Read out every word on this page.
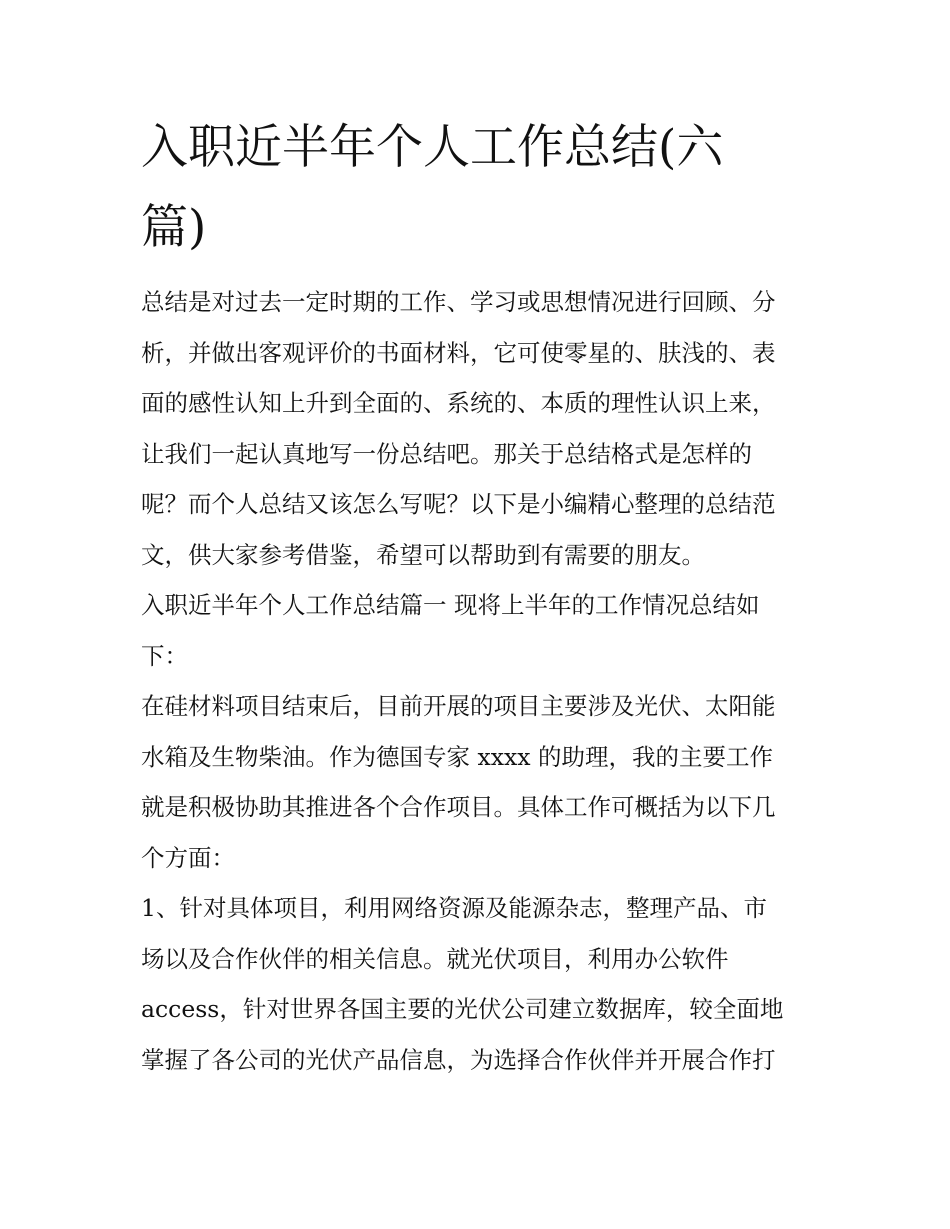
入职近半年个人工作总结(六
篇)

总结是对过去一定时期的工作、学习或思想情况进行回顾、分
析，并做出客观评价的书面材料，它可使零星的、肤浅的、表
面的感性认知上升到全面的、系统的、本质的理性认识上来，
让我们一起认真地写一份总结吧。那关于总结格式是怎样的
呢？而个人总结又该怎么写呢？以下是小编精心整理的总结范
文，供大家参考借鉴，希望可以帮助到有需要的朋友。

入职近半年个人工作总结篇一 现将上半年的工作情况总结如
下：

在硅材料项目结束后，目前开展的项目主要涉及光伏、太阳能
水箱及生物柴油。作为德国专家 xxxx 的助理，我的主要工作
就是积极协助其推进各个合作项目。具体工作可概括为以下几
个方面：

1、针对具体项目，利用网络资源及能源杂志，整理产品、市
场以及合作伙伴的相关信息。就光伏项目，利用办公软件
access，针对世界各国主要的光伏公司建立数据库，较全面地
掌握了各公司的光伏产品信息，为选择合作伙伴并开展合作打
